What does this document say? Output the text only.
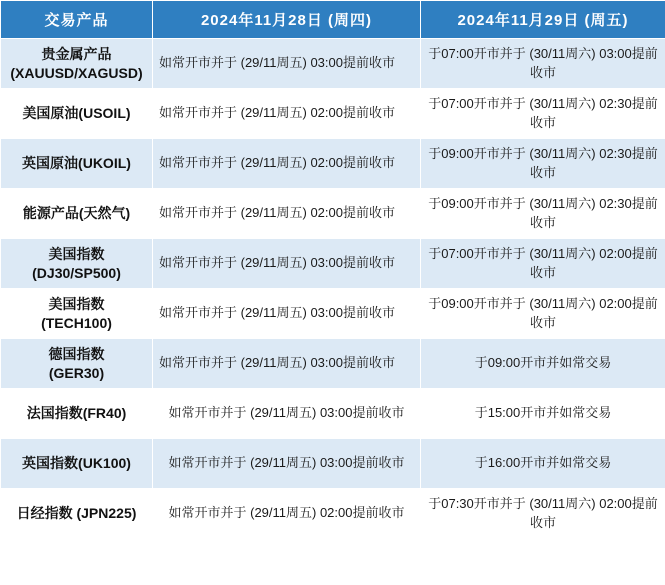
交易产品	2024年11月28日 (周四)	2024年11月29日 (周五)
贵金属产品
(XAUUSD/XAGUSD)	如常开市并于 (29/11周五) 03:00提前收市	于07:00开市并于 (30/11周六) 03:00提前收市
美国原油(USOIL)	如常开市并于 (29/11周五) 02:00提前收市	于07:00开市并于 (30/11周六) 02:30提前收市
英国原油(UKOIL)	如常开市并于 (29/11周五) 02:00提前收市	于09:00开市并于 (30/11周六) 02:30提前收市
能源产品(天然气)	如常开市并于 (29/11周五) 02:00提前收市	于09:00开市并于 (30/11周六) 02:30提前收市
美国指数
(DJ30/SP500)	如常开市并于 (29/11周五) 03:00提前收市	于07:00开市并于 (30/11周六) 02:00提前收市
美国指数
(TECH100)	如常开市并于 (29/11周五) 03:00提前收市	于09:00开市并于 (30/11周六) 02:00提前收市
德国指数
(GER30)	如常开市并于 (29/11周五) 03:00提前收市	于09:00开市并如常交易
法国指数(FR40)	如常开市并于 (29/11周五) 03:00提前收市	于15:00开市并如常交易
英国指数(UK100)	如常开市并于 (29/11周五) 03:00提前收市	于16:00开市并如常交易
日经指数 (JPN225)	如常开市并于 (29/11周五) 02:00提前收市	于07:30开市并于 (30/11周六) 02:00提前收市
